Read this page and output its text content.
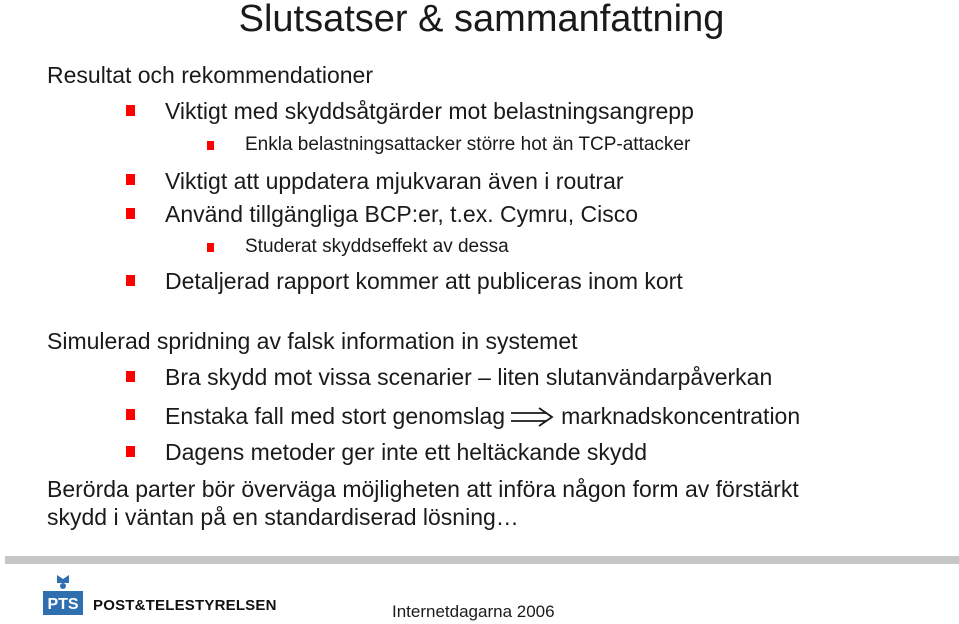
Slutsatser & sammanfattning
Resultat och rekommendationer
Viktigt med skyddsåtgärder mot belastningsangrepp
Enkla belastningsattacker större hot än TCP-attacker
Viktigt att uppdatera mjukvaran även i routrar
Använd tillgängliga BCP:er, t.ex. Cymru, Cisco
Studerat skyddseffekt av dessa
Detaljerad rapport kommer att publiceras inom kort
Simulerad spridning av falsk information in systemet
Bra skydd mot vissa scenarier – liten slutanvändarpåverkan
Enstaka fall med stort genomslag marknadskoncentration
Dagens metoder ger inte ett heltäckande skydd
Berörda parter bör överväga möjligheten att införa någon form av förstärkt
skydd i väntan på en standardiserad lösning…
PTS POST&TELESTYRELSEN	Internetdagarna 2006
